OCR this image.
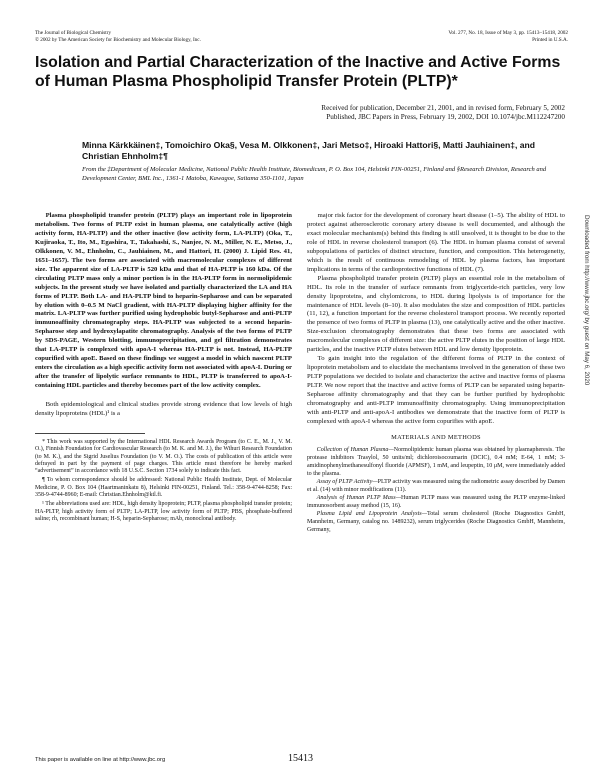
The Journal of Biological Chemistry
© 2002 by The American Society for Biochemistry and Molecular Biology, Inc.
Vol. 277, No. 18, Issue of May 3, pp. 15413–15418, 2002
Printed in U.S.A.
Isolation and Partial Characterization of the Inactive and Active Forms of Human Plasma Phospholipid Transfer Protein (PLTP)*
Received for publication, December 21, 2001, and in revised form, February 5, 2002
Published, JBC Papers in Press, February 19, 2002, DOI 10.1074/jbc.M112247200
Minna Kärkkäinen‡, Tomoichiro Oka§, Vesa M. Olkkonen‡, Jari Metso‡, Hiroaki Hattori§, Matti Jauhiainen‡, and Christian Ehnholm‡¶
From the ‡Department of Molecular Medicine, National Public Health Institute, Biomedicum, P. O. Box 104, Helsinki FIN-00251, Finland and §Research Division, Research and Development Center, BML Inc., 1361-1 Matoba, Kawagoe, Saitama 350-1101, Japan

Plasma phospholipid transfer protein (PLTP) plays an important role in lipoprotein metabolism. Two forms of PLTP exist in human plasma, one catalytically active (high activity form, HA-PLTP) and the other inactive (low activity form, LA-PLTP) (Oka, T., Kujiraoka, T., Ito, M., Egashira, T., Takahashi, S., Nanjee, N. M., Miller, N. E., Metso, J., Olkkonen, V. M., Ehnholm, C., Jauhiainen, M., and Hattori, H. (2000) J. Lipid Res. 41, 1651–1657). The two forms are associated with macromolecular complexes of different size. The apparent size of LA-PLTP is 520 kDa and that of HA-PLTP is 160 kDa. Of the circulating PLTP mass only a minor portion is in the HA-PLTP form in normolipidemic subjects. In the present study we have isolated and partially characterized the LA and HA forms of PLTP. Both LA- and HA-PLTP bind to heparin-Sepharose and can be separated by elution with 0–0.5 M NaCl gradient, with HA-PLTP displaying higher affinity for the matrix. LA-PLTP was further purified using hydrophobic butyl-Sepharose and anti-PLTP immunoaffinity chromatography steps. HA-PLTP was subjected to a second heparin-Sepharose step and hydroxylapatite chromatography. Analysis of the two forms of PLTP by SDS-PAGE, Western blotting, immunoprecipitation, and gel filtration demonstrates that LA-PLTP is complexed with apoA-I whereas HA-PLTP is not. Instead, HA-PLTP copurified with apoE. Based on these findings we suggest a model in which nascent PLTP enters the circulation as a high specific activity form not associated with apoA-I. During or after the transfer of lipolytic surface remnants to HDL, PLTP is transferred to apoA-I-containing HDL particles and thereby becomes part of the low activity complex.

Both epidemiological and clinical studies provide strong evidence that low levels of high density lipoproteins (HDL)¹ is a

* This work was supported by the International HDL Research Awards Program (to C. E., M. J., V. M. O.), Finnish Foundation for Cardiovascular Research (to M. K. and M. J.), the Wihuri Research Foundation (to M. K.), and the Sigrid Juselius Foundation (to V. M. O.). The costs of publication of this article were defrayed in part by the payment of page charges. This article must therefore be hereby marked “advertisement” in accordance with 18 U.S.C. Section 1734 solely to indicate this fact.

¶ To whom correspondence should be addressed: National Public Health Institute, Dept. of Molecular Medicine, P. O. Box 104 (Haartmaninkatu 8), Helsinki FIN-00251, Finland. Tel.: 358-9-4744-8258; Fax: 358-9-4744-8960; E-mail: Christian.Ehnholm@ktl.fi.

¹ The abbreviations used are: HDL, high density lipoprotein; PLTP, plasma phospholipid transfer protein; HA-PLTP, high activity form of PLTP; LA-PLTP, low activity form of PLTP; PBS, phosphate-buffered saline; rh, recombinant human; H-S, heparin-Sepharose; mAb, monoclonal antibody.

major risk factor for the development of coronary heart disease (1–5). The ability of HDL to protect against atherosclerotic coronary artery disease is well documented, and although the exact molecular mechanism(s) behind this finding is still unsolved, it is thought to be due to the role of HDL in reverse cholesterol transport (6). The HDL in human plasma consist of several subpopulations of particles of distinct structure, function, and composition. This heterogeneity, which is the result of continuous remodeling of HDL by plasma factors, has important implications in terms of the cardioprotective functions of HDL (7).

Plasma phospholipid transfer protein (PLTP) plays an essential role in the metabolism of HDL. Its role in the transfer of surface remnants from triglyceride-rich particles, very low density lipoproteins, and chylomicrons, to HDL during lipolysis is of importance for the maintenance of HDL levels (8–10). It also modulates the size and composition of HDL particles (11, 12), a function important for the reverse cholesterol transport process. We recently reported the presence of two forms of PLTP in plasma (13), one catalytically active and the other inactive. Size-exclusion chromatography demonstrates that these two forms are associated with macromolecular complexes of different size: the active PLTP elutes in the position of large HDL particles, and the inactive PLTP elutes between HDL and low density lipoprotein.

To gain insight into the regulation of the different forms of PLTP in the context of lipoprotein metabolism and to elucidate the mechanisms involved in the generation of these two PLTP populations we decided to isolate and characterize the active and inactive forms of plasma PLTP. We now report that the inactive and active forms of PLTP can be separated using heparin-Sepharose affinity chromatography and that they can be further purified by hydrophobic chromatography and anti-PLTP immunoaffinity chromatography. Using immunoprecipitation with anti-PLTP and anti-apoA-I antibodies we demonstrate that the inactive form of PLTP is complexed with apoA-I whereas the active form copurifies with apoE.

MATERIALS AND METHODS

Collection of Human Plasma—Normolipidemic human plasma was obtained by plasmapheresis. The protease inhibitors Trasylol, 50 units/ml; dichloroisocoumarin (DCIC), 0.4 mM; E-64, 1 mM; 3-amidinophenylmethanesulfonyl fluoride (APMSF), 1 mM, and leupeptin, 10 μM, were immediately added to the plasma.

Assay of PLTP Activity—PLTP activity was measured using the radiometric assay described by Damen et al. (14) with minor modifications (11).

Analysis of Human PLTP Mass—Human PLTP mass was measured using the PLTP enzyme-linked immunosorbent assay method (15, 16).

Plasma Lipid and Lipoprotein Analysis—Total serum cholesterol (Roche Diagnostics GmbH, Mannheim, Germany, catalog no. 1489232), serum triglycerides (Roche Diagnostics GmbH, Mannheim, Germany,

This paper is available on line at http://www.jbc.org	15413
Downloaded from http://www.jbc.org/ by guest on May 6, 2020
